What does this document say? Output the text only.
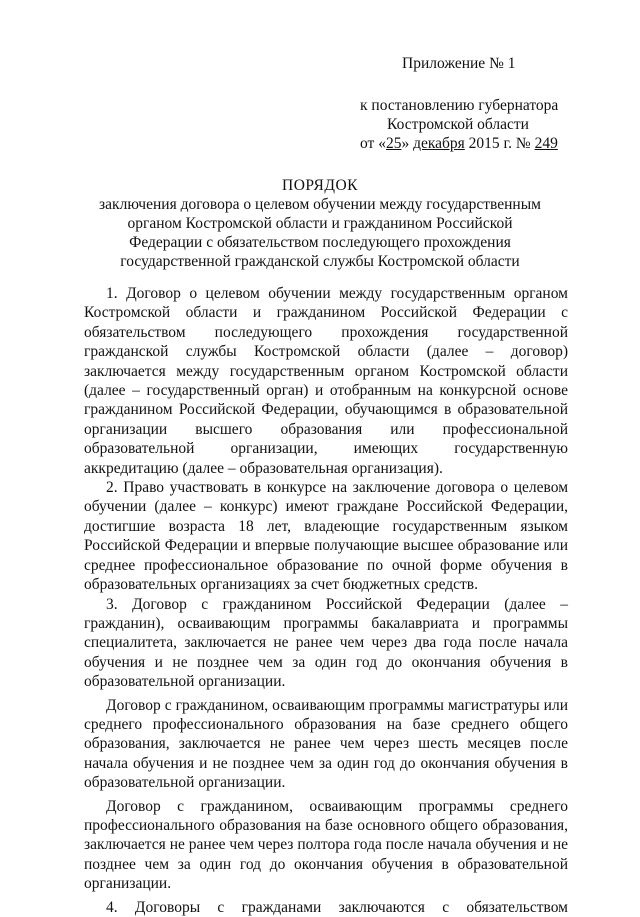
Приложение № 1
к постановлению губернатора
Костромской области
от «25» декабря 2015 г. № 249
ПОРЯДОК
заключения договора о целевом обучении между государственным
органом Костромской области и гражданином Российской
Федерации с обязательством последующего прохождения
государственной гражданской службы Костромской области

1. Договор о целевом обучении между государственным органом Костромской области и гражданином Российской Федерации с обязательством последующего прохождения государственной гражданской службы Костромской области (далее – договор) заключается между государственным органом Костромской области (далее – государственный орган) и отобранным на конкурсной основе гражданином Российской Федерации, обучающимся в образовательной организации высшего образования или профессиональной образовательной организации, имеющих государственную аккредитацию (далее – образовательная организация).

2. Право участвовать в конкурсе на заключение договора о целевом обучении (далее – конкурс) имеют граждане Российской Федерации, достигшие возраста 18 лет, владеющие государственным языком Российской Федерации и впервые получающие высшее образование или среднее профессиональное образование по очной форме обучения в образовательных организациях за счет бюджетных средств.

3. Договор с гражданином Российской Федерации (далее – гражданин), осваивающим программы бакалавриата и программы специалитета, заключается не ранее чем через два года после начала обучения и не позднее чем за один год до окончания обучения в образовательной организации.

Договор с гражданином, осваивающим программы магистратуры или среднего профессионального образования на базе среднего общего образования, заключается не ранее чем через шесть месяцев после начала обучения и не позднее чем за один год до окончания обучения в образовательной организации.

Договор с гражданином, осваивающим программы среднего профессионального образования на базе основного общего образования, заключается не ранее чем через полтора года после начала обучения и не позднее чем за один год до окончания обучения в образовательной организации.

4. Договоры с гражданами заключаются с обязательством
